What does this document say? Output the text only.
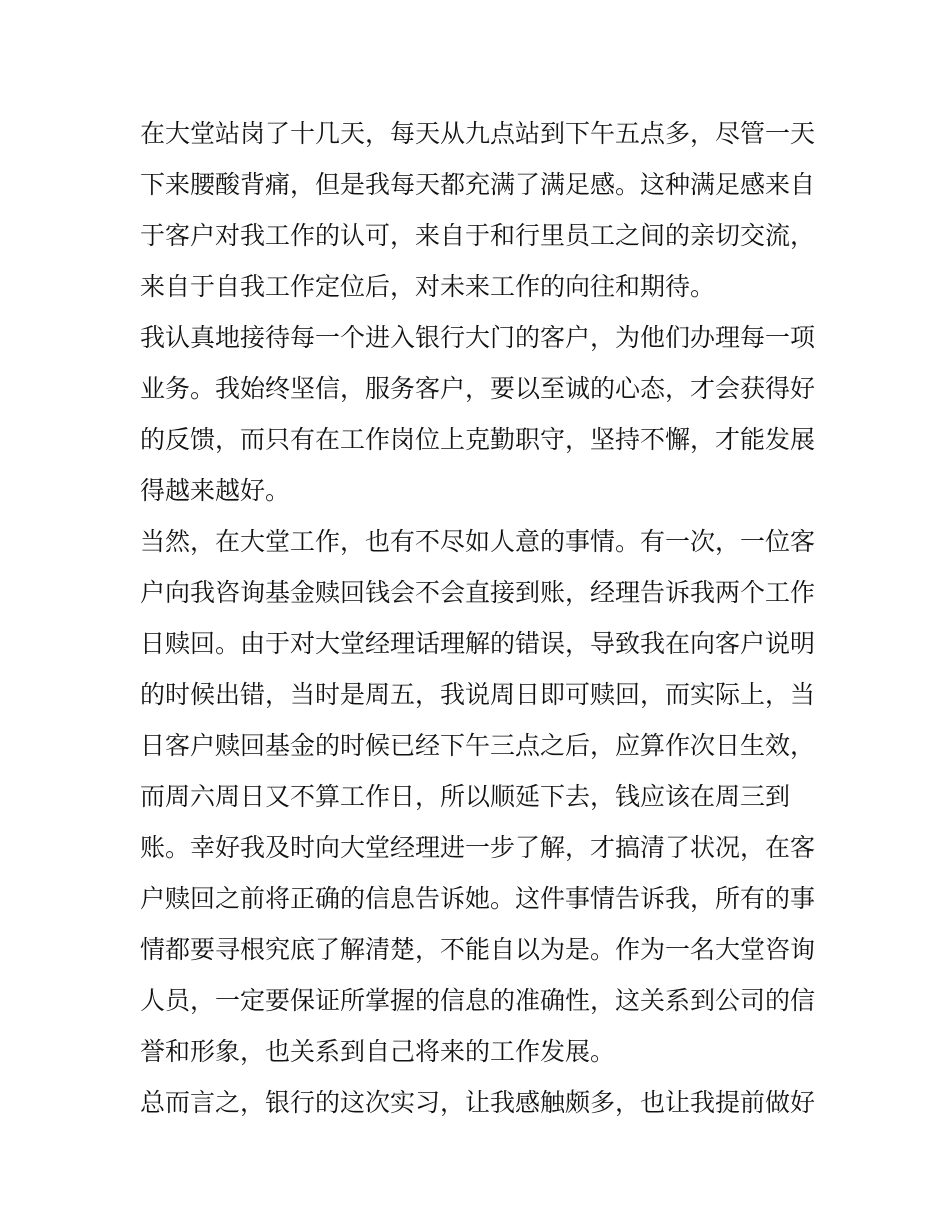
在大堂站岗了十几天，每天从九点站到下午五点多，尽管一天
下来腰酸背痛，但是我每天都充满了满足感。这种满足感来自
于客户对我工作的认可，来自于和行里员工之间的亲切交流，
来自于自我工作定位后，对未来工作的向往和期待。
我认真地接待每一个进入银行大门的客户，为他们办理每一项
业务。我始终坚信，服务客户，要以至诚的心态，才会获得好
的反馈，而只有在工作岗位上克勤职守，坚持不懈，才能发展
得越来越好。
当然，在大堂工作，也有不尽如人意的事情。有一次，一位客
户向我咨询基金赎回钱会不会直接到账，经理告诉我两个工作
日赎回。由于对大堂经理话理解的错误，导致我在向客户说明
的时候出错，当时是周五，我说周日即可赎回，而实际上，当
日客户赎回基金的时候已经下午三点之后，应算作次日生效，
而周六周日又不算工作日，所以顺延下去，钱应该在周三到
账。幸好我及时向大堂经理进一步了解，才搞清了状况，在客
户赎回之前将正确的信息告诉她。这件事情告诉我，所有的事
情都要寻根究底了解清楚，不能自以为是。作为一名大堂咨询
人员，一定要保证所掌握的信息的准确性，这关系到公司的信
誉和形象，也关系到自己将来的工作发展。
总而言之，银行的这次实习，让我感触颇多，也让我提前做好
